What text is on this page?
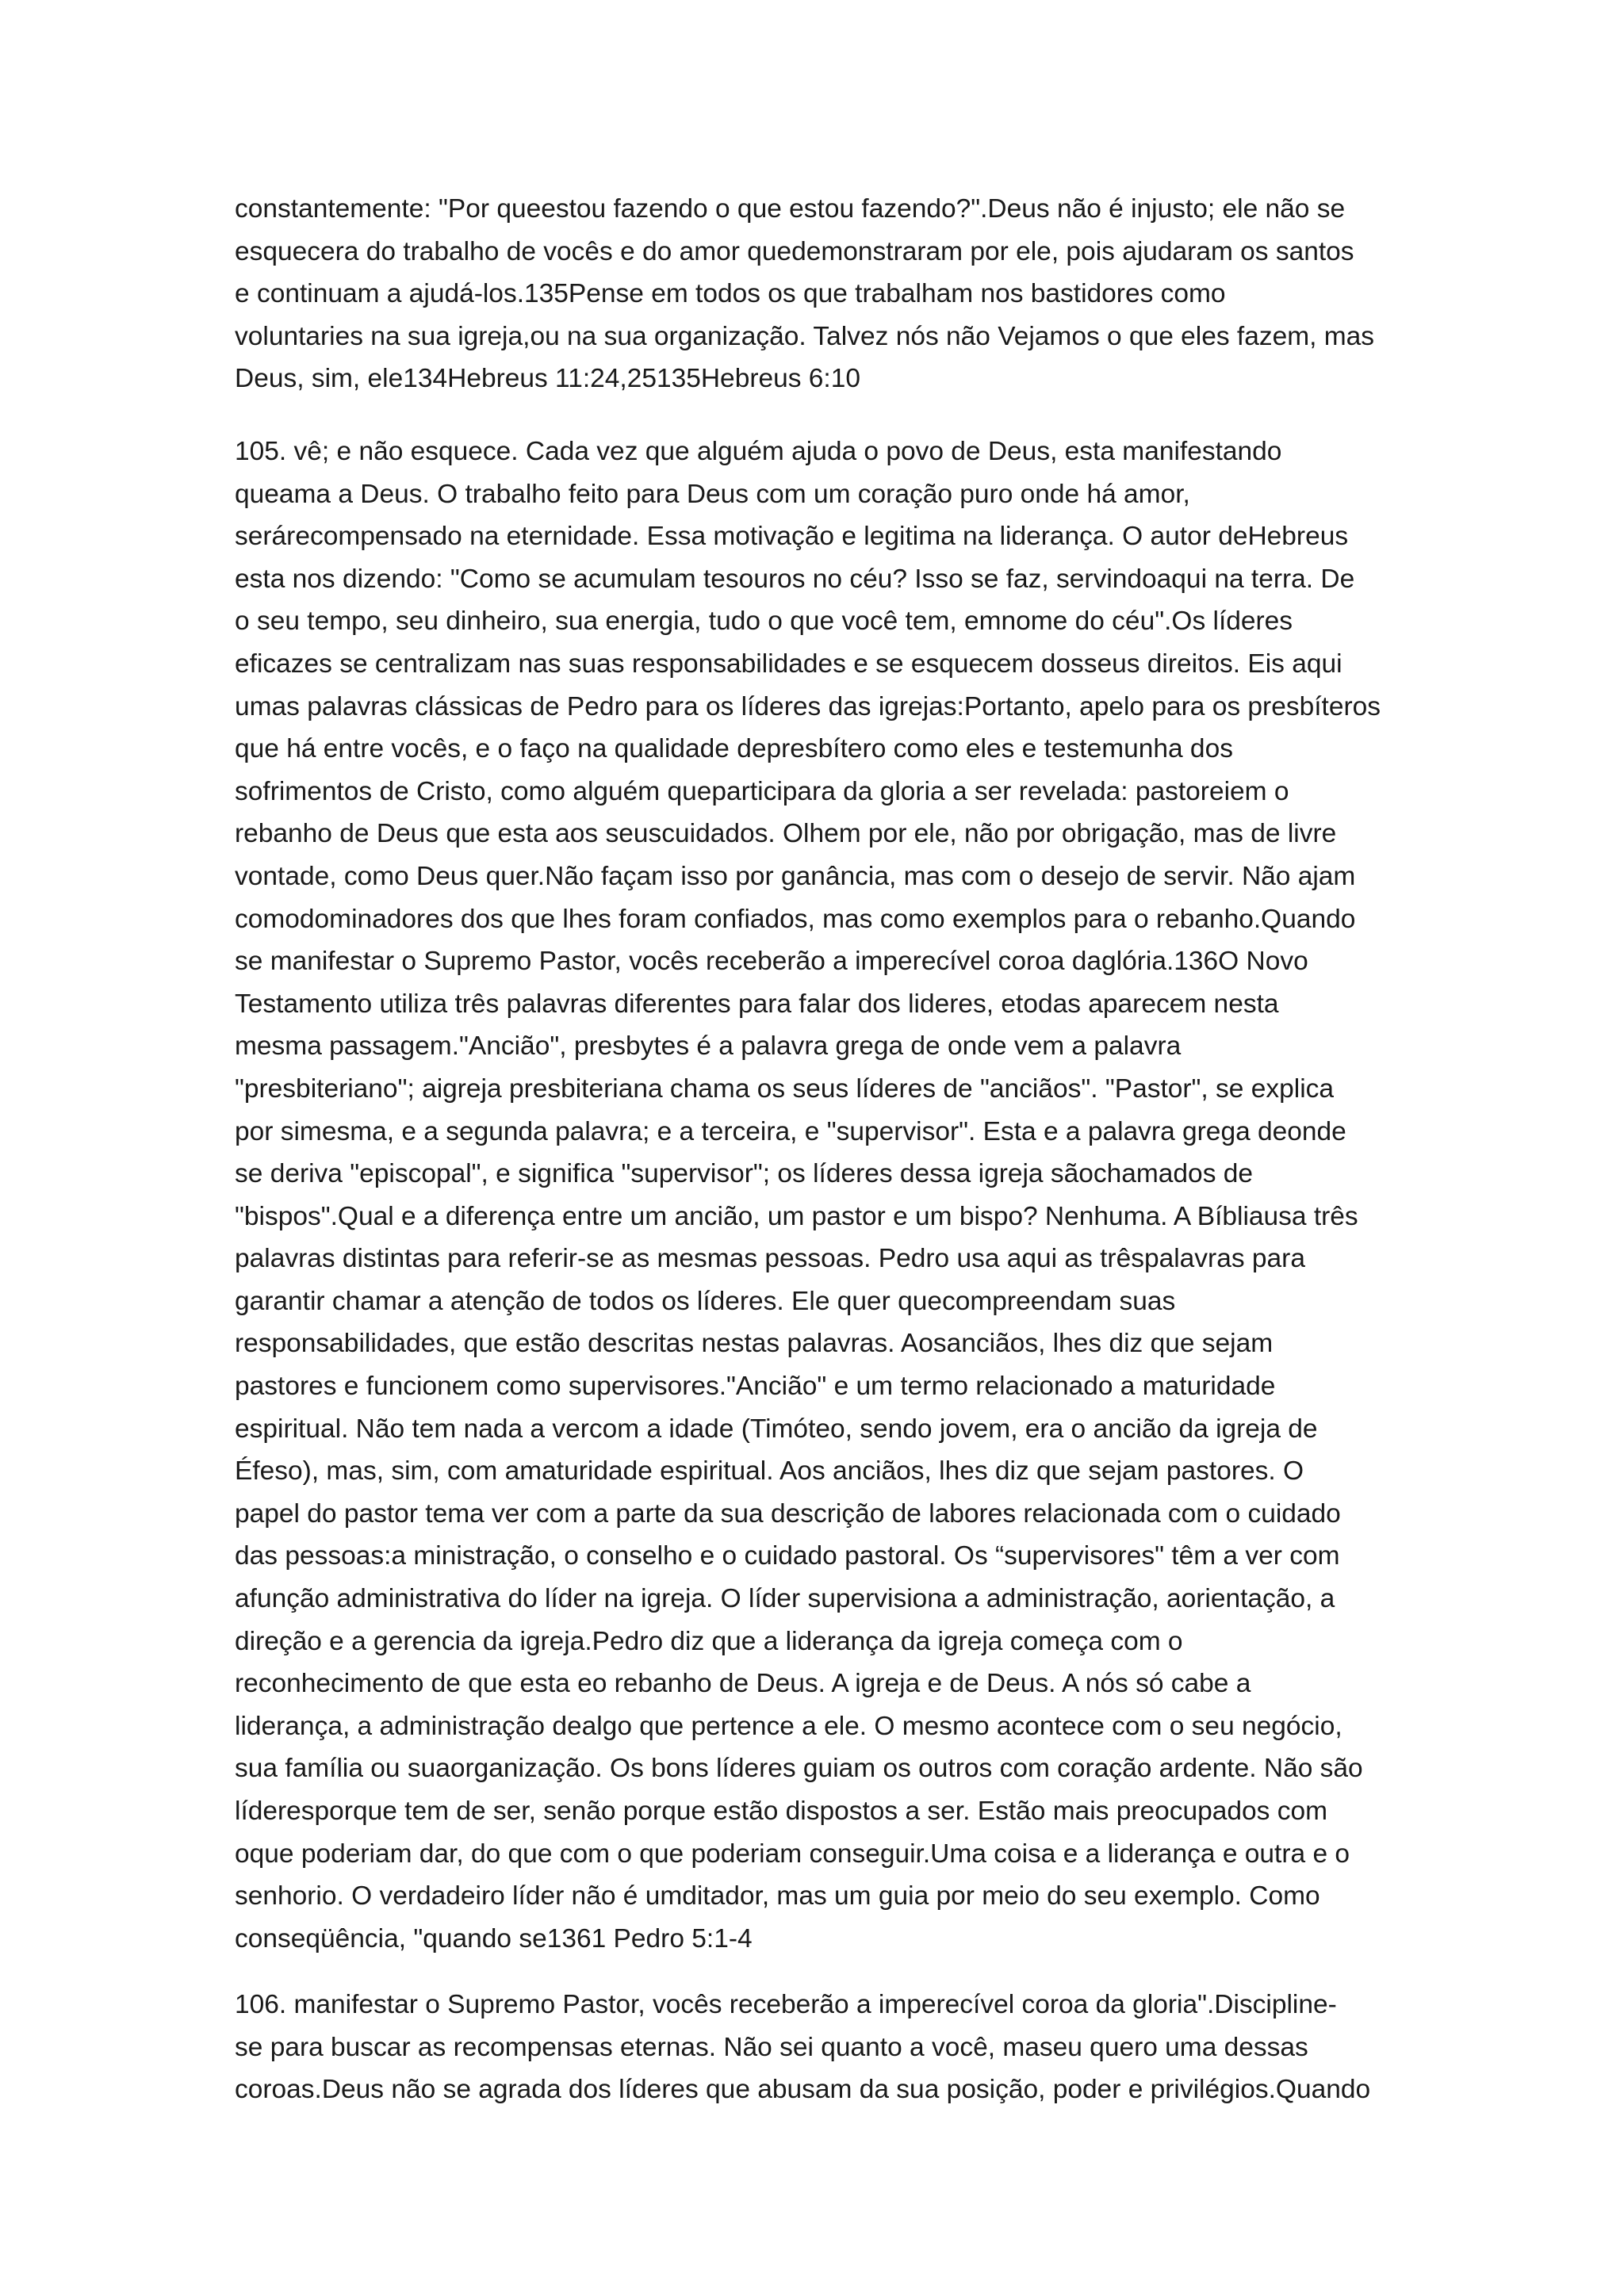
constantemente: "Por queestou fazendo o que estou fazendo?".Deus não é injusto; ele não se
esquecera do trabalho de vocês e do amor quedemonstraram por ele, pois ajudaram os santos
e continuam a ajudá-los.135Pense em todos os que trabalham nos bastidores como
voluntaries na sua igreja,ou na sua organização. Talvez nós não Vejamos o que eles fazem, mas
Deus, sim, ele134Hebreus 11:24,25135Hebreus 6:10
105. vê; e não esquece. Cada vez que alguém ajuda o povo de Deus, esta manifestando
queama a Deus. O trabalho feito para Deus com um coração puro onde há amor,
serárecompensado na eternidade. Essa motivação e legitima na liderança. O autor deHebreus
esta nos dizendo: "Como se acumulam tesouros no céu? Isso se faz, servindoaqui na terra. De
o seu tempo, seu dinheiro, sua energia, tudo o que você tem, emnome do céu".Os líderes
eficazes se centralizam nas suas responsabilidades e se esquecem dosseus direitos. Eis aqui
umas palavras clássicas de Pedro para os líderes das igrejas:Portanto, apelo para os presbíteros
que há entre vocês, e o faço na qualidade depresbítero como eles e testemunha dos
sofrimentos de Cristo, como alguém queparticipara da gloria a ser revelada: pastoreiem o
rebanho de Deus que esta aos seuscuidados. Olhem por ele, não por obrigação, mas de livre
vontade, como Deus quer.Não façam isso por ganância, mas com o desejo de servir. Não ajam
comodominadores dos que lhes foram confiados, mas como exemplos para o rebanho.Quando
se manifestar o Supremo Pastor, vocês receberão a imperecível coroa daglória.136O Novo
Testamento utiliza três palavras diferentes para falar dos lideres, etodas aparecem nesta
mesma passagem."Ancião", presbytes é a palavra grega de onde vem a palavra
"presbiteriano"; aigreja presbiteriana chama os seus líderes de "anciãos". "Pastor", se explica
por simesma, e a segunda palavra; e a terceira, e "supervisor". Esta e a palavra grega deonde
se deriva "episcopal", e significa "supervisor"; os líderes dessa igreja sãochamados de
"bispos".Qual e a diferença entre um ancião, um pastor e um bispo? Nenhuma. A Bíbliausa três
palavras distintas para referir-se as mesmas pessoas. Pedro usa aqui as trêspalavras para
garantir chamar a atenção de todos os líderes. Ele quer quecompreendam suas
responsabilidades, que estão descritas nestas palavras. Aosanciãos, lhes diz que sejam
pastores e funcionem como supervisores."Ancião" e um termo relacionado a maturidade
espiritual. Não tem nada a vercom a idade (Timóteo, sendo jovem, era o ancião da igreja de
Éfeso), mas, sim, com amaturidade espiritual. Aos anciãos, lhes diz que sejam pastores. O
papel do pastor tema ver com a parte da sua descrição de labores relacionada com o cuidado
das pessoas:a ministração, o conselho e o cuidado pastoral. Os “supervisores" têm a ver com
afunção administrativa do líder na igreja. O líder supervisiona a administração, aorientação, a
direção e a gerencia da igreja.Pedro diz que a liderança da igreja começa com o
reconhecimento de que esta eo rebanho de Deus. A igreja e de Deus. A nós só cabe a
liderança, a administração dealgo que pertence a ele. O mesmo acontece com o seu negócio,
sua família ou suaorganização. Os bons líderes guiam os outros com coração ardente. Não são
líderesporque tem de ser, senão porque estão dispostos a ser. Estão mais preocupados com
oque poderiam dar, do que com o que poderiam conseguir.Uma coisa e a liderança e outra e o
senhorio. O verdadeiro líder não é umditador, mas um guia por meio do seu exemplo. Como
conseqüência, "quando se1361 Pedro 5:1-4
106. manifestar o Supremo Pastor, vocês receberão a imperecível coroa da gloria".Discipline-
se para buscar as recompensas eternas. Não sei quanto a você, maseu quero uma dessas
coroas.Deus não se agrada dos líderes que abusam da sua posição, poder e privilégios.Quando
